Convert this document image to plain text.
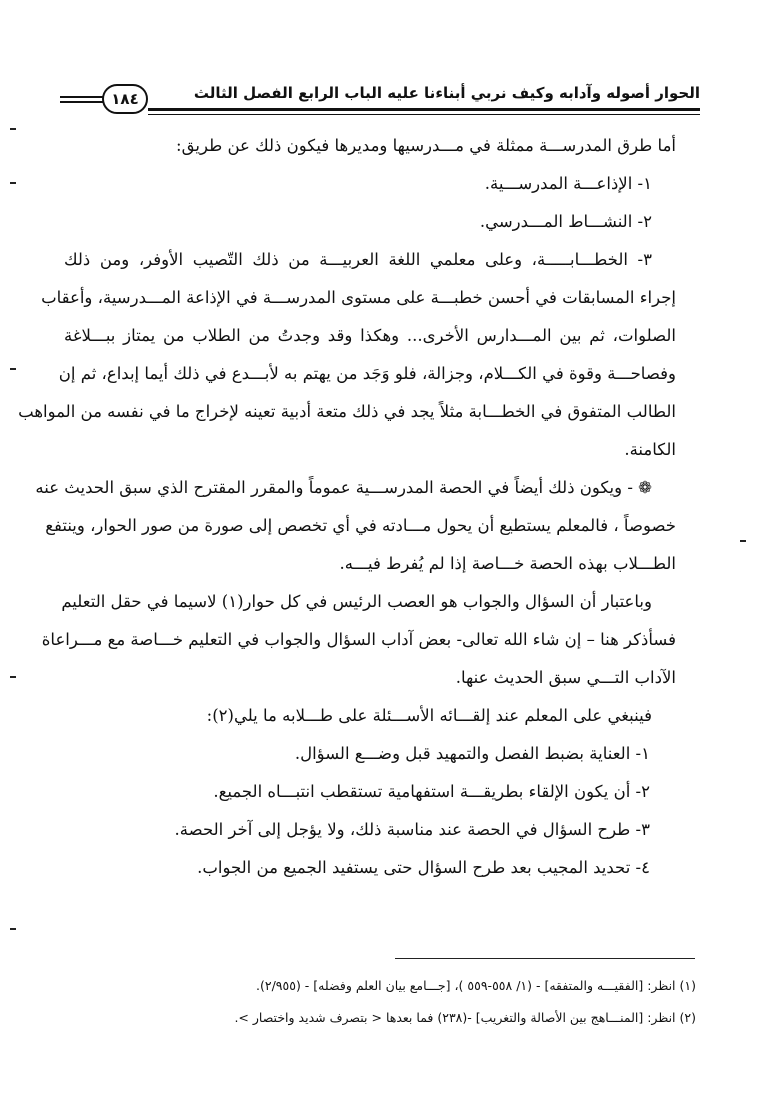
١٨٤	الحوار أصوله وآدابه وكيف نربي أبناءنا عليه الباب الرابع الفصل الثالث
أما طرق المدرســـة ممثلة في مـــدرسيها ومديرها فيكون ذلك عن طريق:
١- الإذاعـــة المدرســـية.
٢- النشـــاط المـــدرسي.
٣- الخطـــابـــــة، وعلى معلمي اللغة العربيـــة من ذلك التّصيب الأوفر، ومن ذلك
إجراء المسابقات في أحسن خطبـــة على مستوى المدرســـة في الإذاعة المـــدرسية، وأعقاب
الصلوات، ثم بين المـــدارس الأخرى... وهكذا وقد وجدتُ من الطلاب من يمتاز ببـــلاغة
وفصاحـــة وقوة في الكـــلام، وجزالة، فلو وَجَد من يهتم به لأبـــدع في ذلك أيما إبداع، ثم إن
الطالب المتفوق في الخطـــابة مثلاً يجد في ذلك متعة أدبية تعينه لإخراج ما في نفسه من المواهب
الكامنة.
❁ - ويكون ذلك أيضاً في الحصة المدرســـية عموماً والمقرر المقترح الذي سبق الحديث عنه
خصوصاً ، فالمعلم يستطيع أن يحول مـــادته في أي تخصص إلى صورة من صور الحوار، وينتفع
الطـــلاب بهذه الحصة خـــاصة إذا لم يُفرط فيـــه.
وباعتبار أن السؤال والجواب هو العصب الرئيس في كل حوار(١) لاسيما في حقل التعليم
فسأذكر هنا – إن شاء الله تعالى- بعض آداب السؤال والجواب في التعليم خـــاصة مع مـــراعاة
الآداب التـــي سبق الحديث عنها.
فينبغي على المعلم عند إلقـــائه الأســـئلة على طـــلابه ما يلي(٢):
١- العناية بضبط الفصل والتمهيد قبل وضـــع السؤال.
٢- أن يكون الإلقاء بطريقـــة استفهامية تستقطب انتبـــاه الجميع.
٣- طرح السؤال في الحصة عند مناسبة ذلك، ولا يؤجل إلى آخر الحصة.
٤- تحديد المجيب بعد طرح السؤال حتى يستفيد الجميع من الجواب.
(١) انظر: [الفقيـــه والمتفقه] - (١/ ٥٥٨-٥٥٩ )، [جـــامع بيان العلم وفضله] - (٢/٩٥٥).
(٢) انظر: [المنـــاهج بين الأصالة والتغريب] -(٢٣٨) فما بعدها < بتصرف شديد واختصار >.
